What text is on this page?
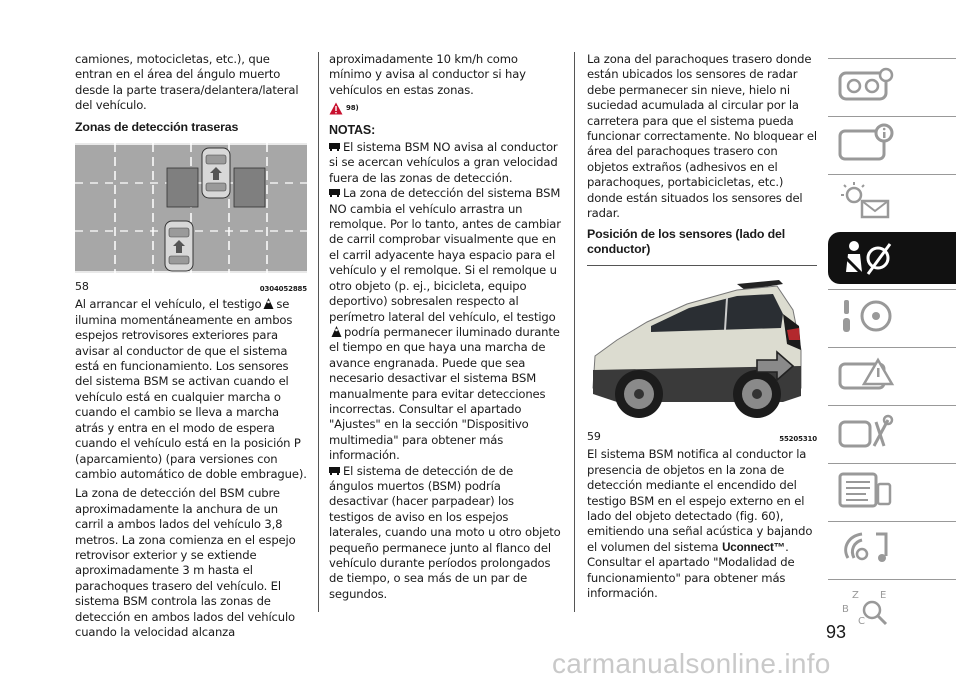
camiones, motocicletas, etc.), que entran en el área del ángulo muerto desde la parte trasera/delantera/lateral del vehículo.

Zonas de detección traseras

58	0304052885

Al arrancar el vehículo, el testigo se ilumina momentáneamente en ambos espejos retrovisores exteriores para avisar al conductor de que el sistema está en funcionamiento. Los sensores del sistema BSM se activan cuando el vehículo está en cualquier marcha o cuando el cambio se lleva a marcha atrás y entra en el modo de espera cuando el vehículo está en la posición P (aparcamiento) (para versiones con cambio automático de doble embrague).

La zona de detección del BSM cubre aproximadamente la anchura de un carril a ambos lados del vehículo 3,8 metros. La zona comienza en el espejo retrovisor exterior y se extiende aproximadamente 3 m hasta el parachoques trasero del vehículo. El sistema BSM controla las zonas de detección en ambos lados del vehículo cuando la velocidad alcanza

aproximadamente 10 km/h como mínimo y avisa al conductor si hay vehículos en estas zonas.

98)

NOTAS:

El sistema BSM NO avisa al conductor si se acercan vehículos a gran velocidad fuera de las zonas de detección.

La zona de detección del sistema BSM NO cambia el vehículo arrastra un remolque. Por lo tanto, antes de cambiar de carril comprobar visualmente que en el carril adyacente haya espacio para el vehículo y el remolque. Si el remolque u otro objeto (p. ej., bicicleta, equipo deportivo) sobresalen respecto al perímetro lateral del vehículo, el testigopodría permanecer iluminado durante el tiempo en que haya una marcha de avance engranada. Puede que sea necesario desactivar el sistema BSM manualmente para evitar detecciones incorrectas. Consultar el apartado "Ajustes" en la sección "Dispositivo multimedia" para obtener más información.

El sistema de detección de de ángulos muertos (BSM) podría desactivar (hacer parpadear) los testigos de aviso en los espejos laterales, cuando una moto u otro objeto pequeño permanece junto al flanco del vehículo durante períodos prolongados de tiempo, o sea más de un par de segundos.

La zona del parachoques trasero donde están ubicados los sensores de radar debe permanecer sin nieve, hielo ni suciedad acumulada al circular por la carretera para que el sistema pueda funcionar correctamente. No bloquear el área del parachoques trasero con objetos extraños (adhesivos en el parachoques, portabicicletas, etc.) donde están situados los sensores del radar.

Posición de los sensores (lado del conductor)

59	55205310

El sistema BSM notifica al conductor la presencia de objetos en la zona de detección mediante el encendido del testigo BSM en el espejo externo en el lado del objeto detectado (fig. 60), emitiendo una señal acústica y bajando el volumen del sistema Uconnect™. Consultar el apartado "Modalidad de funcionamiento" para obtener más información.	Z E
B
C
93
carmanualsonline.info
